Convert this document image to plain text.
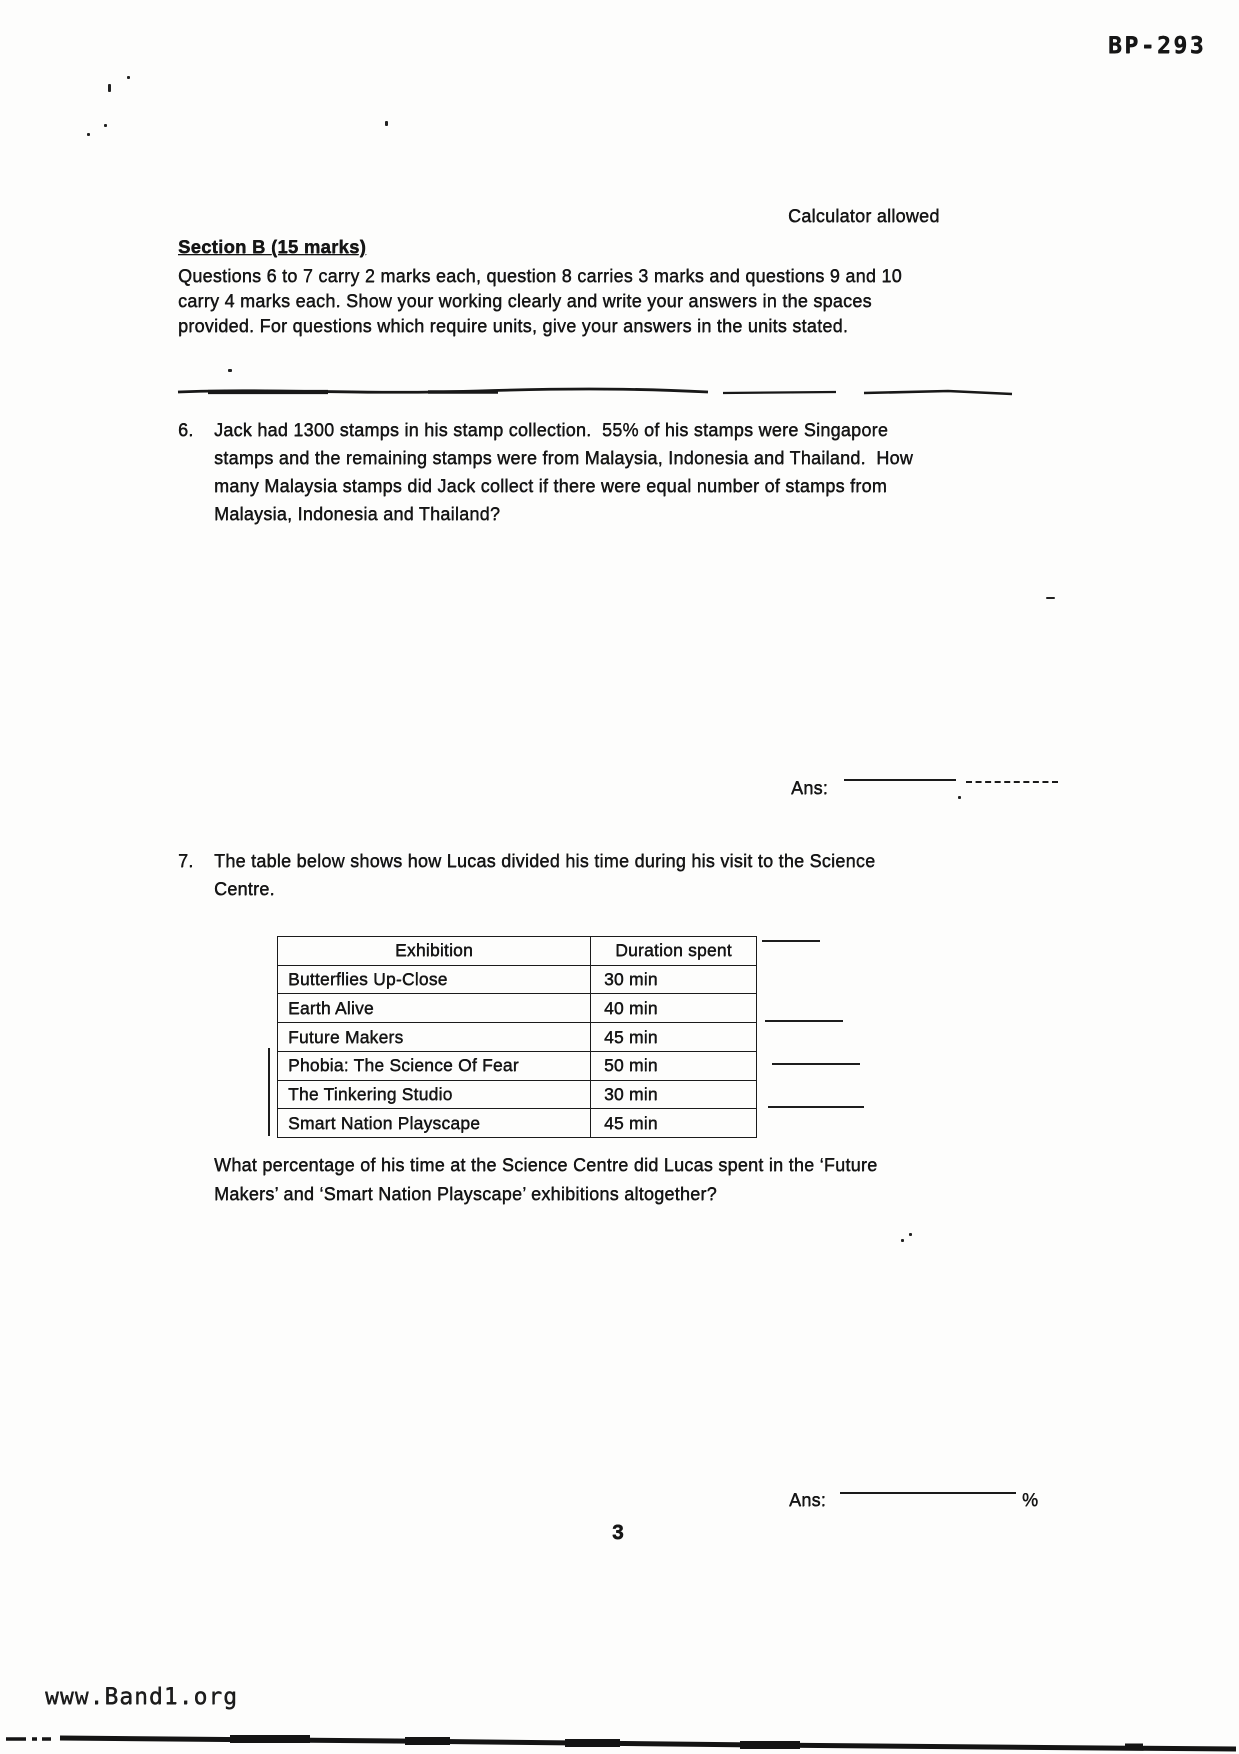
BP-293
Calculator allowed
Section B (15 marks)
Questions 6 to 7 carry 2 marks each, question 8 carries 3 marks and questions 9 and 10
carry 4 marks each. Show your working clearly and write your answers in the spaces
provided. For questions which require units, give your answers in the units stated.
6. Jack had 1300 stamps in his stamp collection.  55% of his stamps were Singapore
stamps and the remaining stamps were from Malaysia, Indonesia and Thailand.  How
many Malaysia stamps did Jack collect if there were equal number of stamps from
Malaysia, Indonesia and Thailand?
Ans:
7. The table below shows how Lucas divided his time during his visit to the Science
Centre.
Exhibition	Duration spent
Butterflies Up-Close	30 min
Earth Alive	40 min
Future Makers	45 min
Phobia: The Science Of Fear	50 min
The Tinkering Studio	30 min
Smart Nation Playscape	45 min
What percentage of his time at the Science Centre did Lucas spent in the ‘Future
Makers’ and ‘Smart Nation Playscape’ exhibitions altogether?
Ans:	%
3
www.Band1.org
